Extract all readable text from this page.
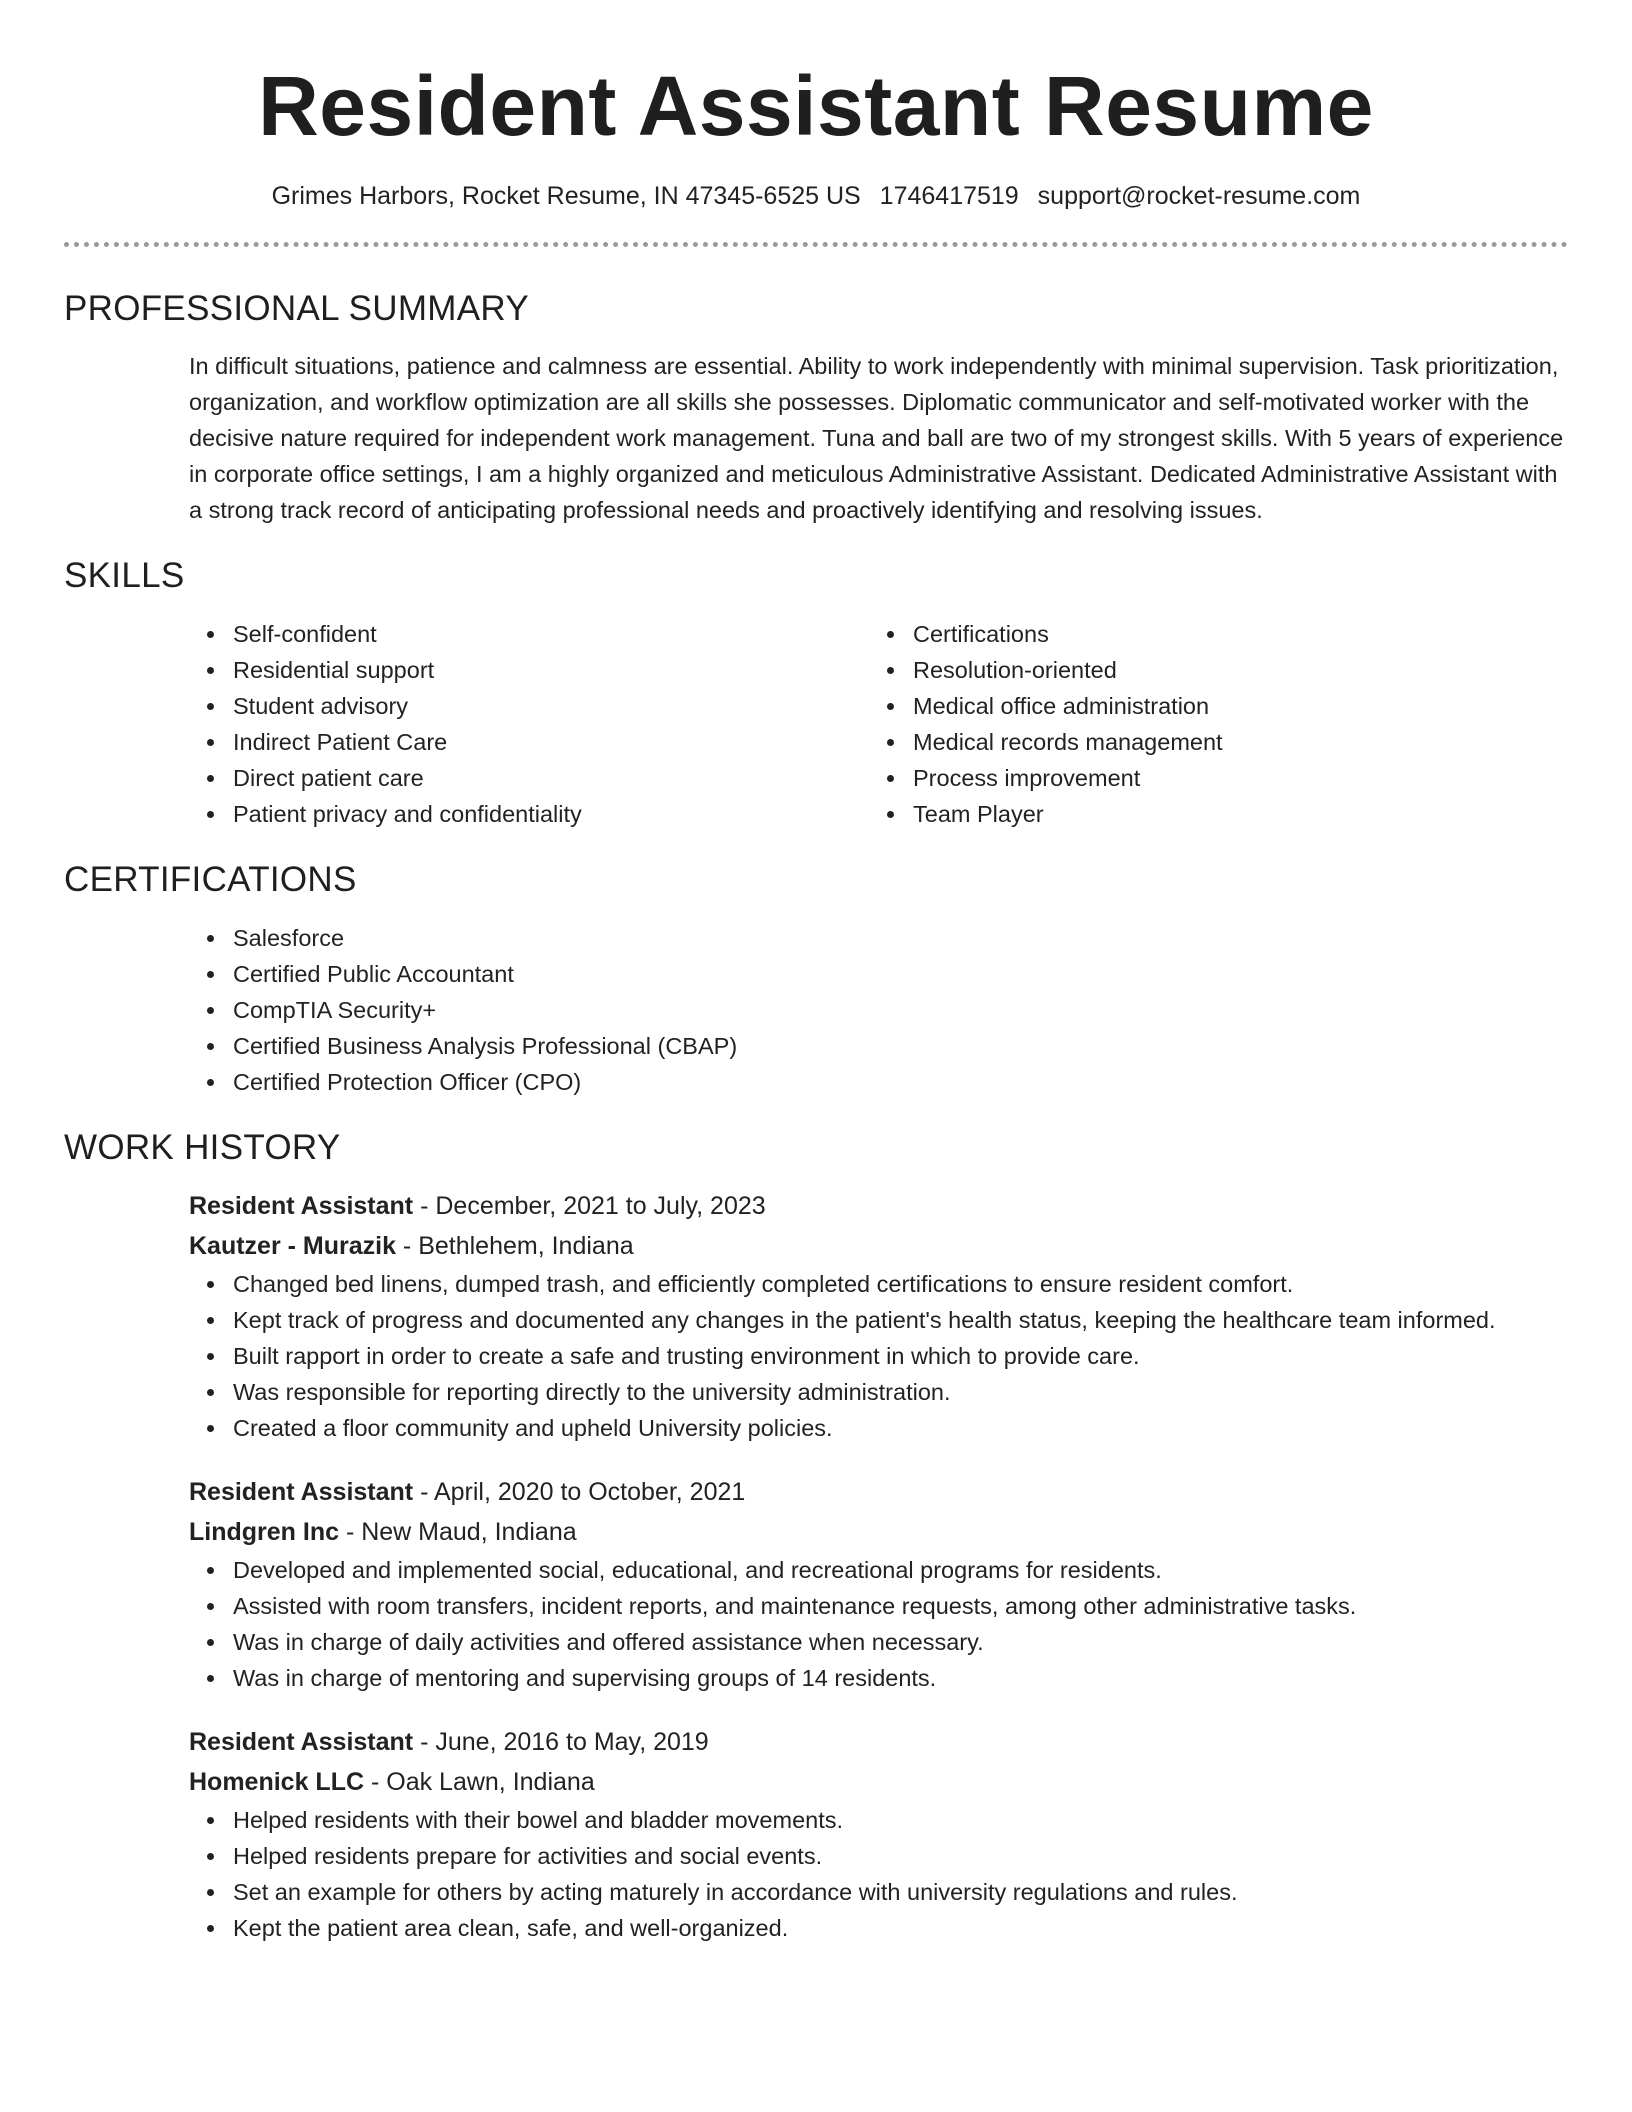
Resident Assistant Resume
Grimes Harbors, Rocket Resume, IN 47345-6525 US 1746417519 support@rocket-resume.com
PROFESSIONAL SUMMARY

In difficult situations, patience and calmness are essential. Ability to work independently with minimal supervision. Task prioritization, organization, and workflow optimization are all skills she possesses. Diplomatic communicator and self-motivated worker with the decisive nature required for independent work management. Tuna and ball are two of my strongest skills. With 5 years of experience in corporate office settings, I am a highly organized and meticulous Administrative Assistant. Dedicated Administrative Assistant with a strong track record of anticipating professional needs and proactively identifying and resolving issues.

SKILLS
Self-confident
Residential support
Student advisory
Indirect Patient Care
Direct patient care
Patient privacy and confidentiality
Certifications
Resolution-oriented
Medical office administration
Medical records management
Process improvement
Team Player
CERTIFICATIONS
Salesforce
Certified Public Accountant
CompTIA Security+
Certified Business Analysis Professional (CBAP)
Certified Protection Officer (CPO)
WORK HISTORY
Resident Assistant - December, 2021 to July, 2023
Kautzer - Murazik - Bethlehem, Indiana
Changed bed linens, dumped trash, and efficiently completed certifications to ensure resident comfort.
Kept track of progress and documented any changes in the patient's health status, keeping the healthcare team informed.
Built rapport in order to create a safe and trusting environment in which to provide care.
Was responsible for reporting directly to the university administration.
Created a floor community and upheld University policies.
Resident Assistant - April, 2020 to October, 2021
Lindgren Inc - New Maud, Indiana
Developed and implemented social, educational, and recreational programs for residents.
Assisted with room transfers, incident reports, and maintenance requests, among other administrative tasks.
Was in charge of daily activities and offered assistance when necessary.
Was in charge of mentoring and supervising groups of 14 residents.
Resident Assistant - June, 2016 to May, 2019
Homenick LLC - Oak Lawn, Indiana
Helped residents with their bowel and bladder movements.
Helped residents prepare for activities and social events.
Set an example for others by acting maturely in accordance with university regulations and rules.
Kept the patient area clean, safe, and well-organized.
